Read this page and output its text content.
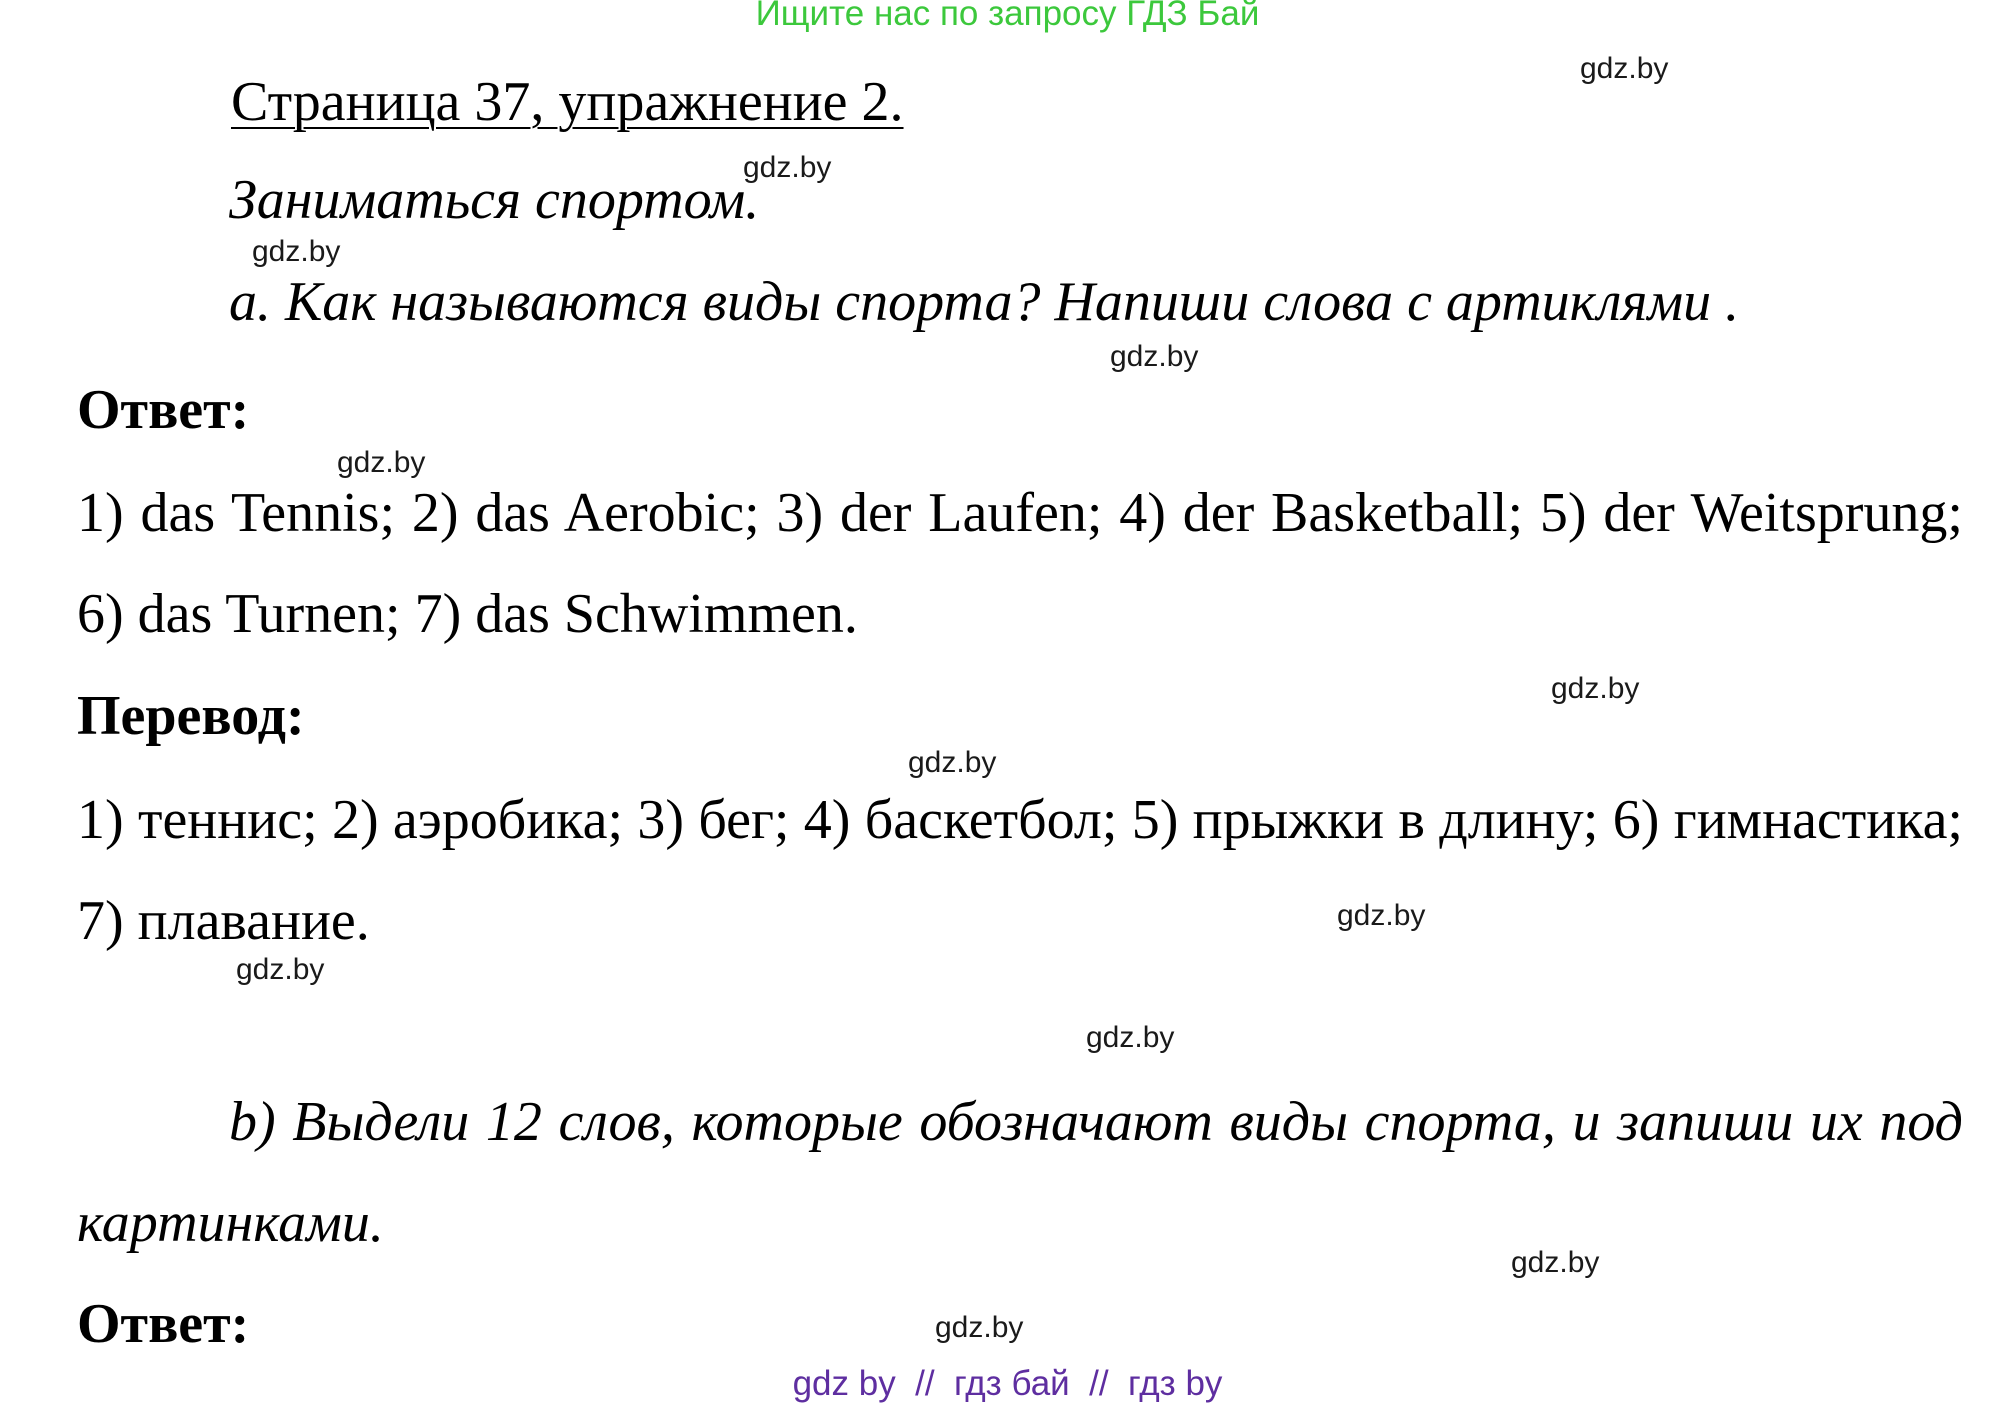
Ищите нас по запросу ГДЗ Бай
Страница 37, упражнение 2.
Заниматься спортом.
а. Как называются виды спорта? Напиши слова с артиклями .
Ответ:

1) das Tennis; 2) das Aerobic; 3) der Laufen; 4) der Basketball; 5) der Weitsprung; 6) das Turnen; 7) das Schwimmen.

Перевод:

1) теннис; 2) аэробика; 3) бег; 4) баскетбол; 5) прыжки в длину; 6) гимнастика; 7) плавание.

b) Выдели 12 слов, которые обозначают виды спорта, и запиши их под картинками.

Ответ:
gdz.by
gdz.by
gdz.by
gdz.by
gdz.by
gdz.by
gdz.by
gdz.by
gdz.by
gdz.by
gdz.by
gdz.by
gdz by  //  гдз бай  //  гдз by
